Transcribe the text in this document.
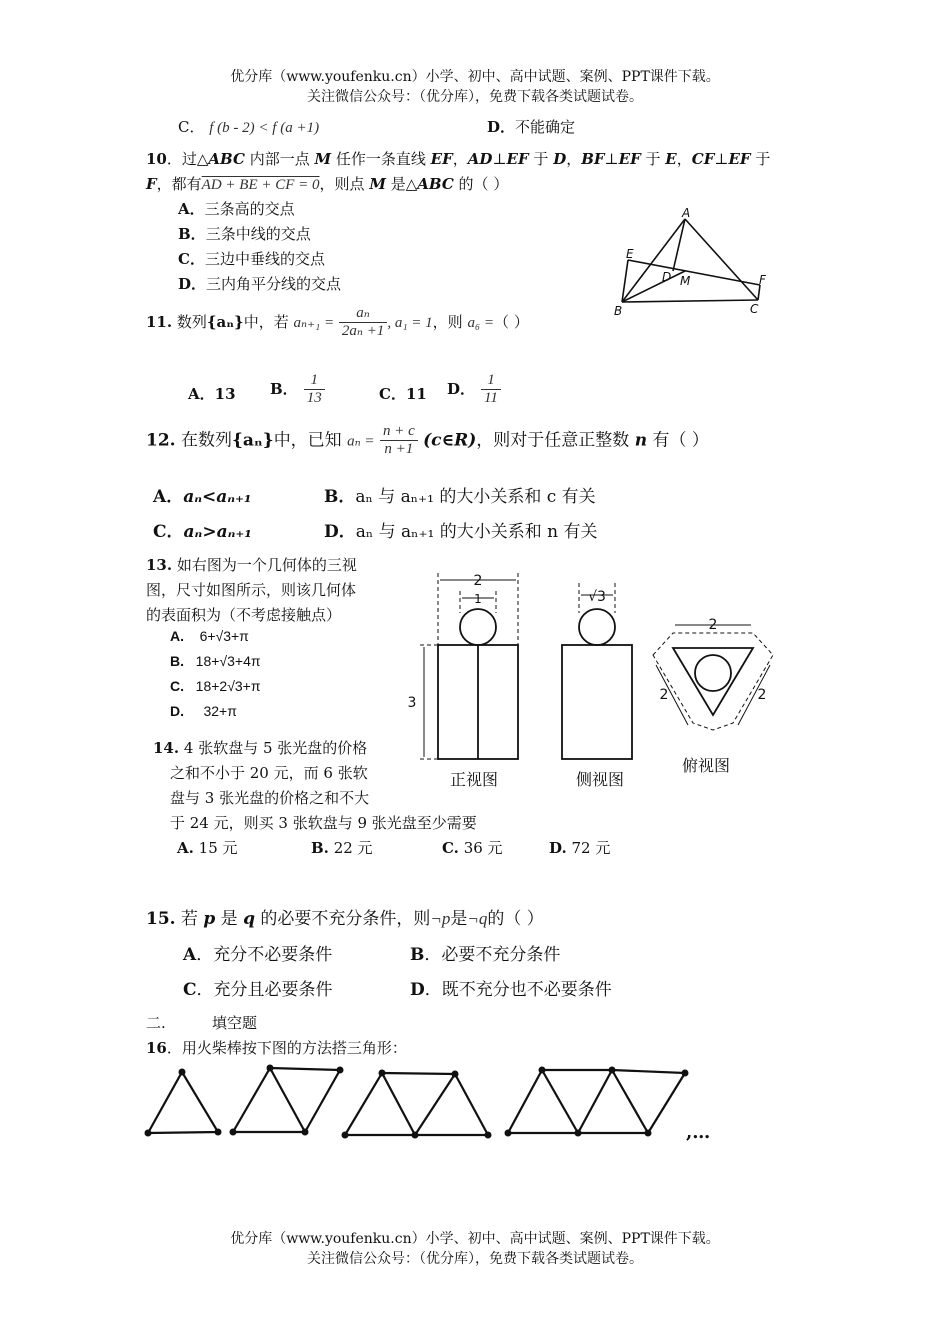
优分库（www.youfenku.cn）小学、初中、高中试题、案例、PPT课件下载。
关注微信公众号：（优分库），免费下载各类试题试卷。
C． f (b - 2) < f (a +1)	D．不能确定
10．过△ABC 内部一点 M 任作一条直线 EF，AD⊥EF 于 D，BF⊥EF 于 E，CF⊥EF 于
F，都有AD + BE + CF = 0，则点 M 是△ABC 的（ ）
A．三条高的交点
B．三条中线的交点
C．三边中垂线的交点
D．三内角平分线的交点
A
B	C
D
E
F
M
11. 数列{aₙ}中，若 $a_{n+1} = \frac{\text{aₙ}}{\text{2aₙ +1}}$ , a₁ = 1，则 a₆ =（ ）
A．13 B． $\frac{1}{13}$	C．11 D． $\frac{1}{11}$
12. 在数列{aₙ}中，已知 $a_n = \frac{n + c}{n +1}$ (c∈R)，则对于任意正整数 n 有（ ）
A．aₙ<aₙ₊₁	B．aₙ 与 aₙ₊₁ 的大小关系和 c 有关
C．aₙ>aₙ₊₁	D．aₙ 与 aₙ₊₁ 的大小关系和 n 有关
13. 如右图为一个几何体的三视
图，尺寸如图所示，则该几何体
的表面积为（不考虑接触点）
A. 6+√3+π
B. 18+√3+4π
C. 18+2√3+π
D. 32+π
2
1
3
√3
2
2	2
正视图	侧视图
俯视图
14. 4 张软盘与 5 张光盘的价格
之和不小于 20 元，而 6 张软
盘与 3 张光盘的价格之和不大
于 24 元，则买 3 张软盘与 9 张光盘至少需要
A. 15 元	B. 22 元	C. 36 元	D. 72 元
15. 若 p 是 q 的必要不充分条件，则¬p是¬q的（ ）
A．充分不必要条件	B．必要不充分条件
C．充分且必要条件	D．既不充分也不必要条件
二.	填空题
16．用火柴棒按下图的方法搭三角形：
,…
优分库（www.youfenku.cn）小学、初中、高中试题、案例、PPT课件下载。
关注微信公众号：（优分库），免费下载各类试题试卷。
